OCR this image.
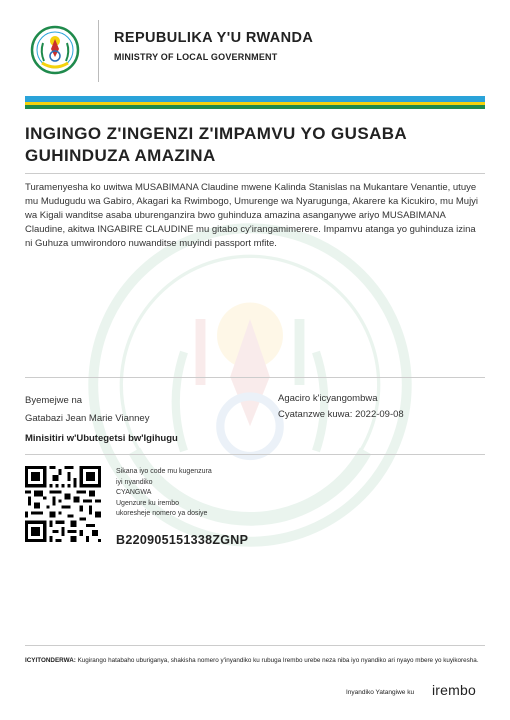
REPUBULIKA Y'U RWANDA
MINISTRY OF LOCAL GOVERNMENT
INGINGO Z'INGENZI Z'IMPAMVU YO GUSABA GUHINDUZA AMAZINA
Turamenyesha ko uwitwa MUSABIMANA Claudine mwene Kalinda Stanislas na Mukantare Venantie, utuye mu Mudugudu wa Gabiro, Akagari ka Rwimbogo, Umurenge wa Nyarugunga, Akarere ka Kicukiro, mu Mujyi wa Kigali wanditse asaba uburenganzira bwo guhinduza amazina asanganywe ariyo MUSABIMANA Claudine, akitwa INGABIRE CLAUDINE mu gitabo cy'irangamimerere. Impamvu atanga yo guhinduza izina ni Guhuza umwirondoro nuwanditse muyindi passport mfite.
Byemejwe na
Gatabazi Jean Marie Vianney
Minisitiri w'Ubutegetsi bw'Igihugu
Agaciro k'icyangombwa
Cyatanzwe kuwa: 2022-09-08
Sikana iyo code mu kugenzura
iyi nyandiko
CYANGWA
Ugenzure ku irembo
ukoresheje nomero ya dosiye
B220905151338ZGNP
ICYITONDERWA: Kugirango hatabaho uburiganya, shakisha nomero y'inyandiko ku rubuga Irembo urebe neza niba iyo nyandiko ari nyayo mbere yo kuyikoresha.
Inyandiko Yatangiwe ku irembo
